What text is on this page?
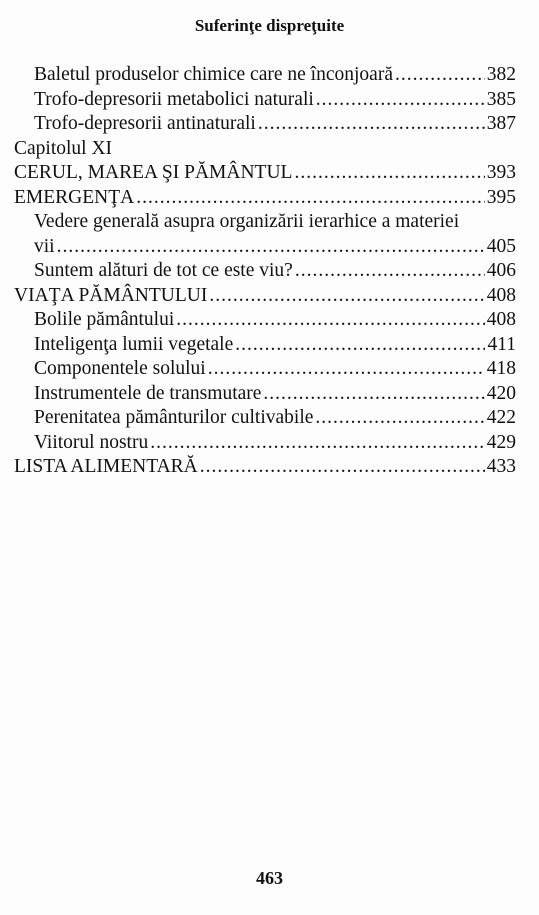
Suferinţe dispreţuite
Baletul produselor chimice care ne înconjoară .....	382
Trofo-depresorii metabolici naturali .....	385
Trofo-depresorii antinaturali .....	387
Capitolul XI
CERUL, MAREA ŞI PĂMÂNTUL .....	393
EMERGENŢA .....	395
Vedere generală asupra organizării ierarhice a materiei
vii .....	405
Suntem alături de tot ce este viu? .....	406
VIAŢA PĂMÂNTULUI .....	408
Bolile pământului .....	408
Inteligenţa lumii vegetale .....	411
Componentele solului .....	418
Instrumentele de transmutare .....	420
Perenitatea pământurilor cultivabile .....	422
Viitorul nostru .....	429
LISTA ALIMENTARĂ .....	433
463
